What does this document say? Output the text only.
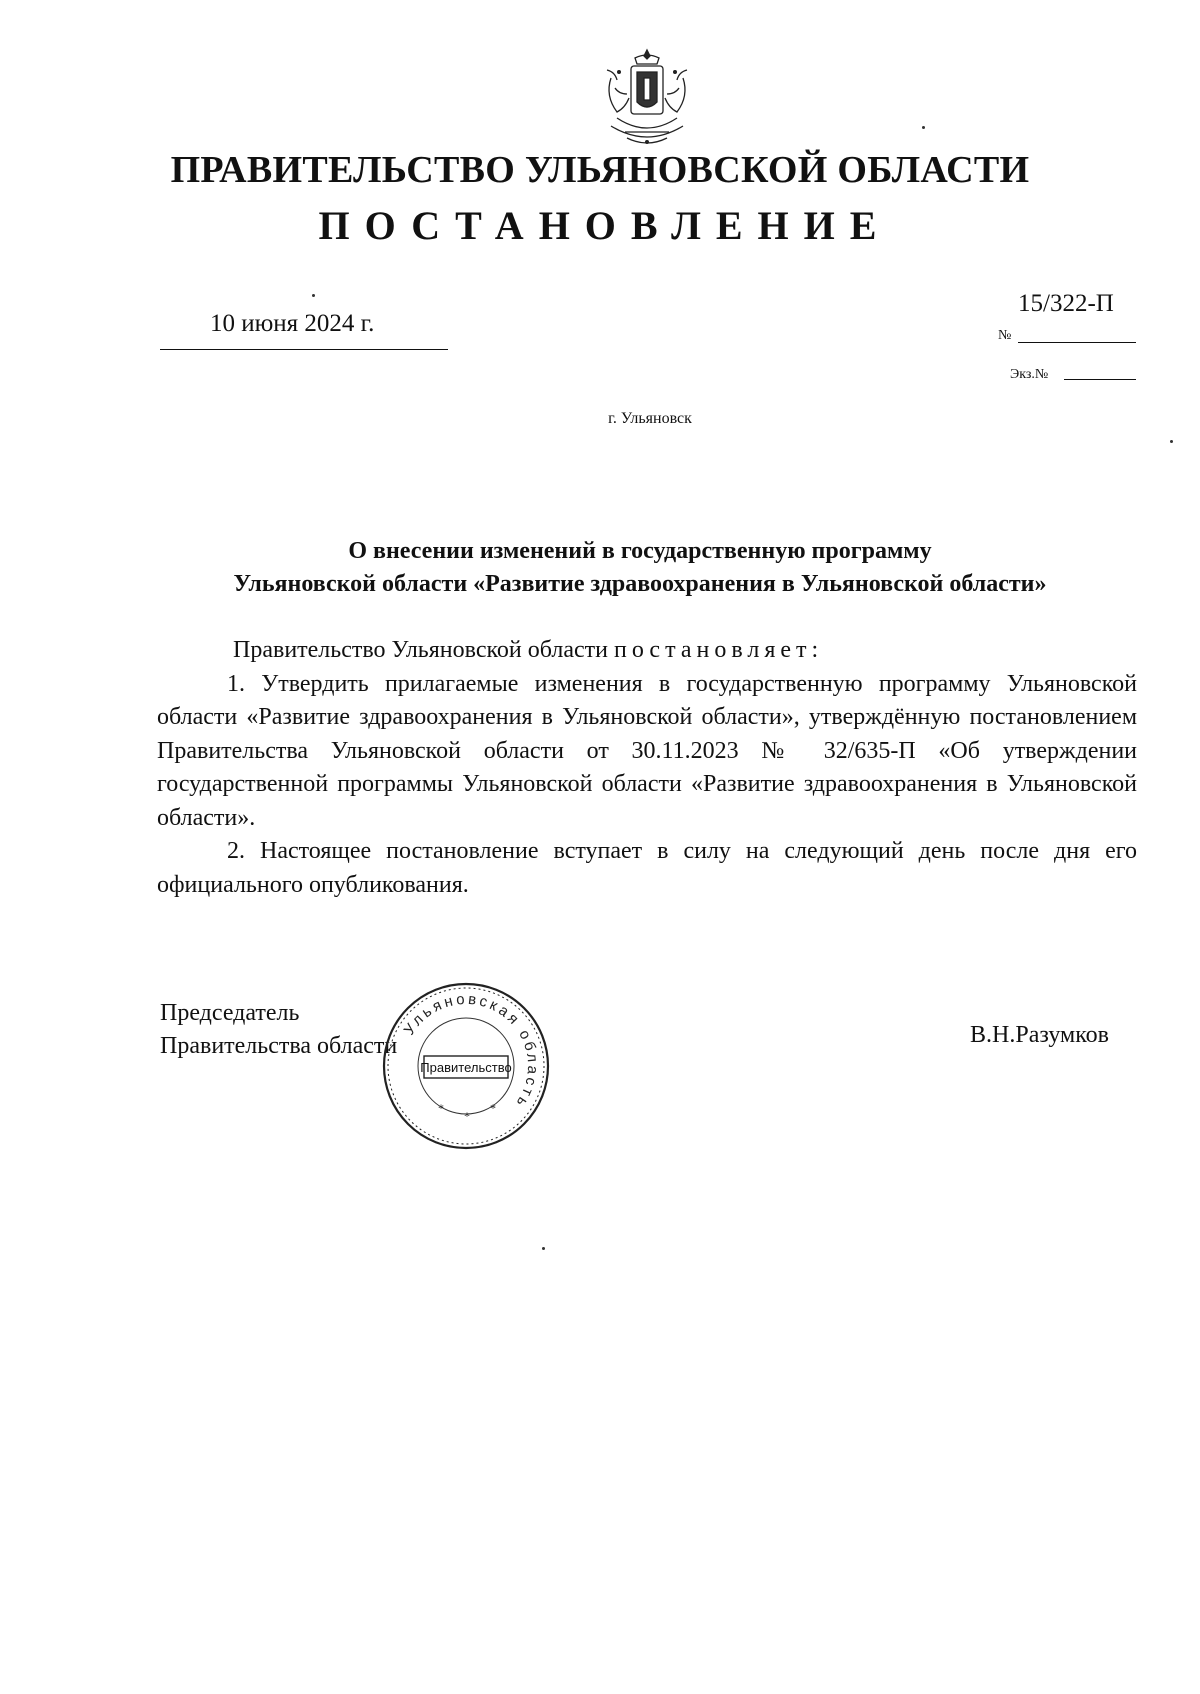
ПРАВИТЕЛЬСТВО УЛЬЯНОВСКОЙ ОБЛАСТИ
ПОСТАНОВЛЕНИЕ
10 июня 2024 г.
15/322-П
№
Экз.№
г. Ульяновск
О внесении изменений в государственную программу
Ульяновской области «Развитие здравоохранения в Ульяновской области»

Правительство Ульяновской области постановляет:

1. Утвердить прилагаемые изменения в государственную программу Ульяновской области «Развитие здравоохранения в Ульяновской области», утверждённую постановлением Правительства Ульяновской области от 30.11.2023 № 32/635-П «Об утверждении государственной программы Ульяновской области «Развитие здравоохранения в Ульяновской области».

2. Настоящее постановление вступает в силу на следующий день после дня его официального опубликования.

Председатель
Правительства области	В.Н.Разумков
Ульяновская область
Правительство
*
*
*
